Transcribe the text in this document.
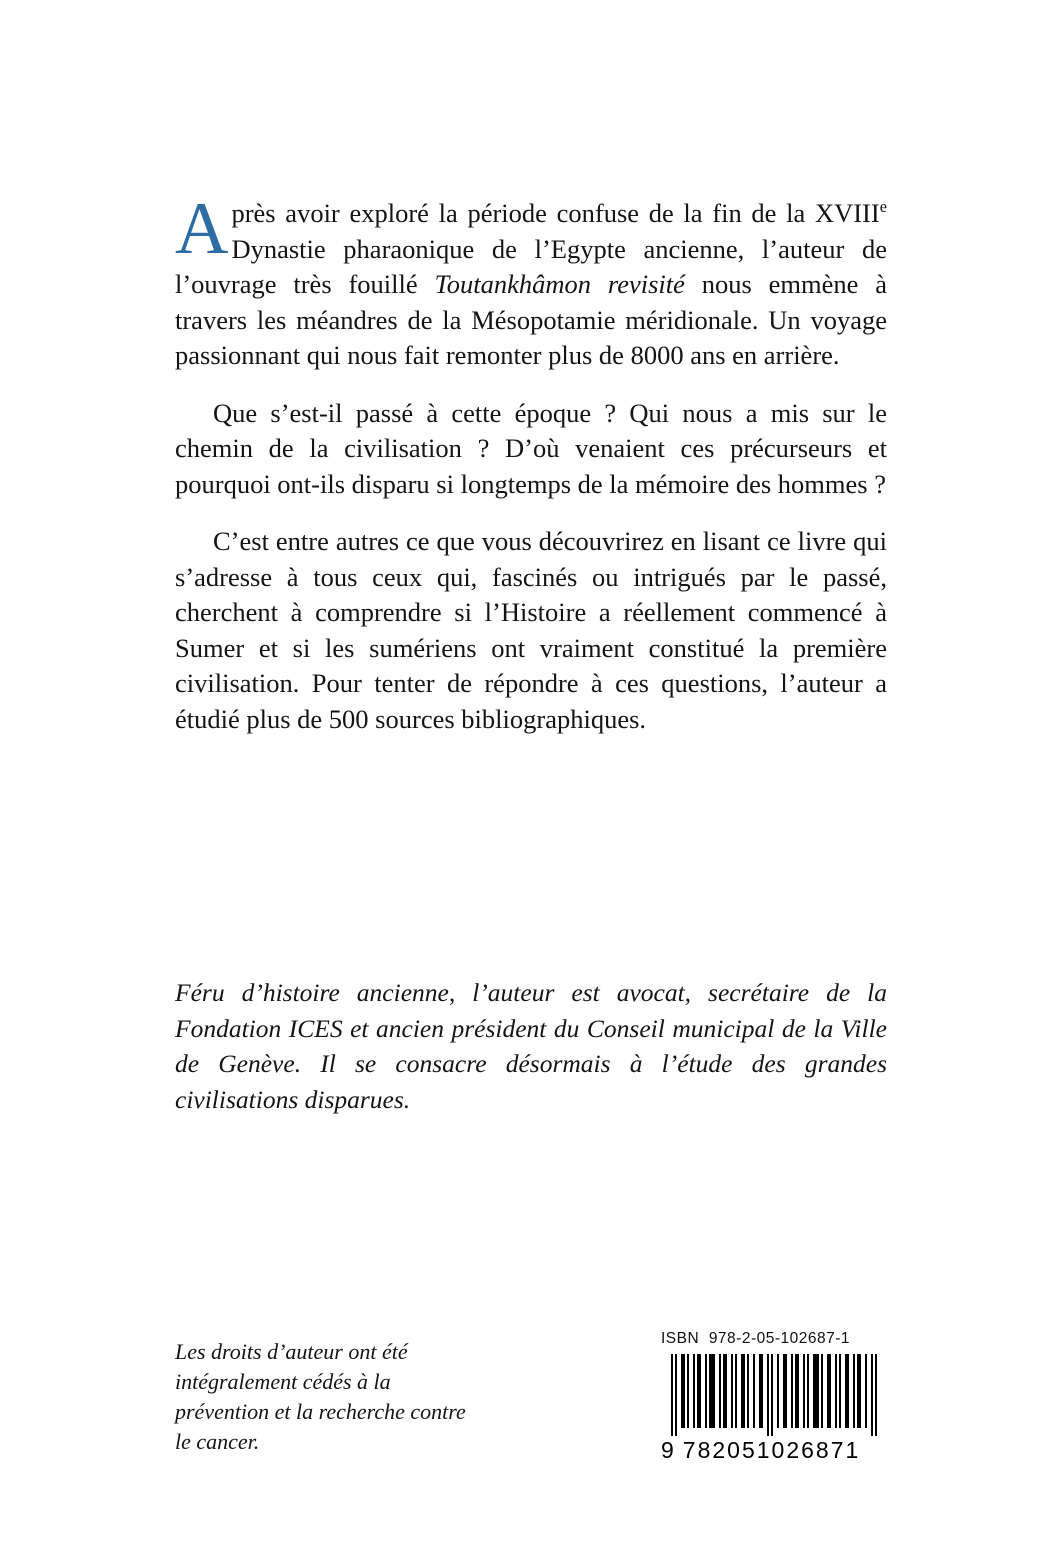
Après avoir exploré la période confuse de la fin de la XVIIIe Dynastie pharaonique de l’Egypte ancienne, l’auteur de l’ouvrage très fouillé Toutankhâmon revisité nous emmène à travers les méandres de la Mésopotamie méridionale. Un voyage passionnant qui nous fait remonter plus de 8000 ans en arrière.

Que s’est-il passé à cette époque ? Qui nous a mis sur le chemin de la civilisation ? D’où venaient ces précurseurs et pourquoi ont-ils disparu si longtemps de la mémoire des hommes ?

C’est entre autres ce que vous découvrirez en lisant ce livre qui s’adresse à tous ceux qui, fascinés ou intrigués par le passé, cherchent à comprendre si l’Histoire a réellement commencé à Sumer et si les sumériens ont vraiment constitué la première civilisation. Pour tenter de répondre à ces questions, l’auteur a étudié plus de 500 sources bibliographiques.

Féru d’histoire ancienne, l’auteur est avocat, secrétaire de la Fondation ICES et ancien président du Conseil municipal de la Ville de Genève. Il se consacre désormais à l’étude des grandes civilisations disparues.
Les droits d’auteur ont été intégralement cédés à la prévention et la recherche contre le cancer.
ISBN 978-2-05-102687-1
9 782051026871
